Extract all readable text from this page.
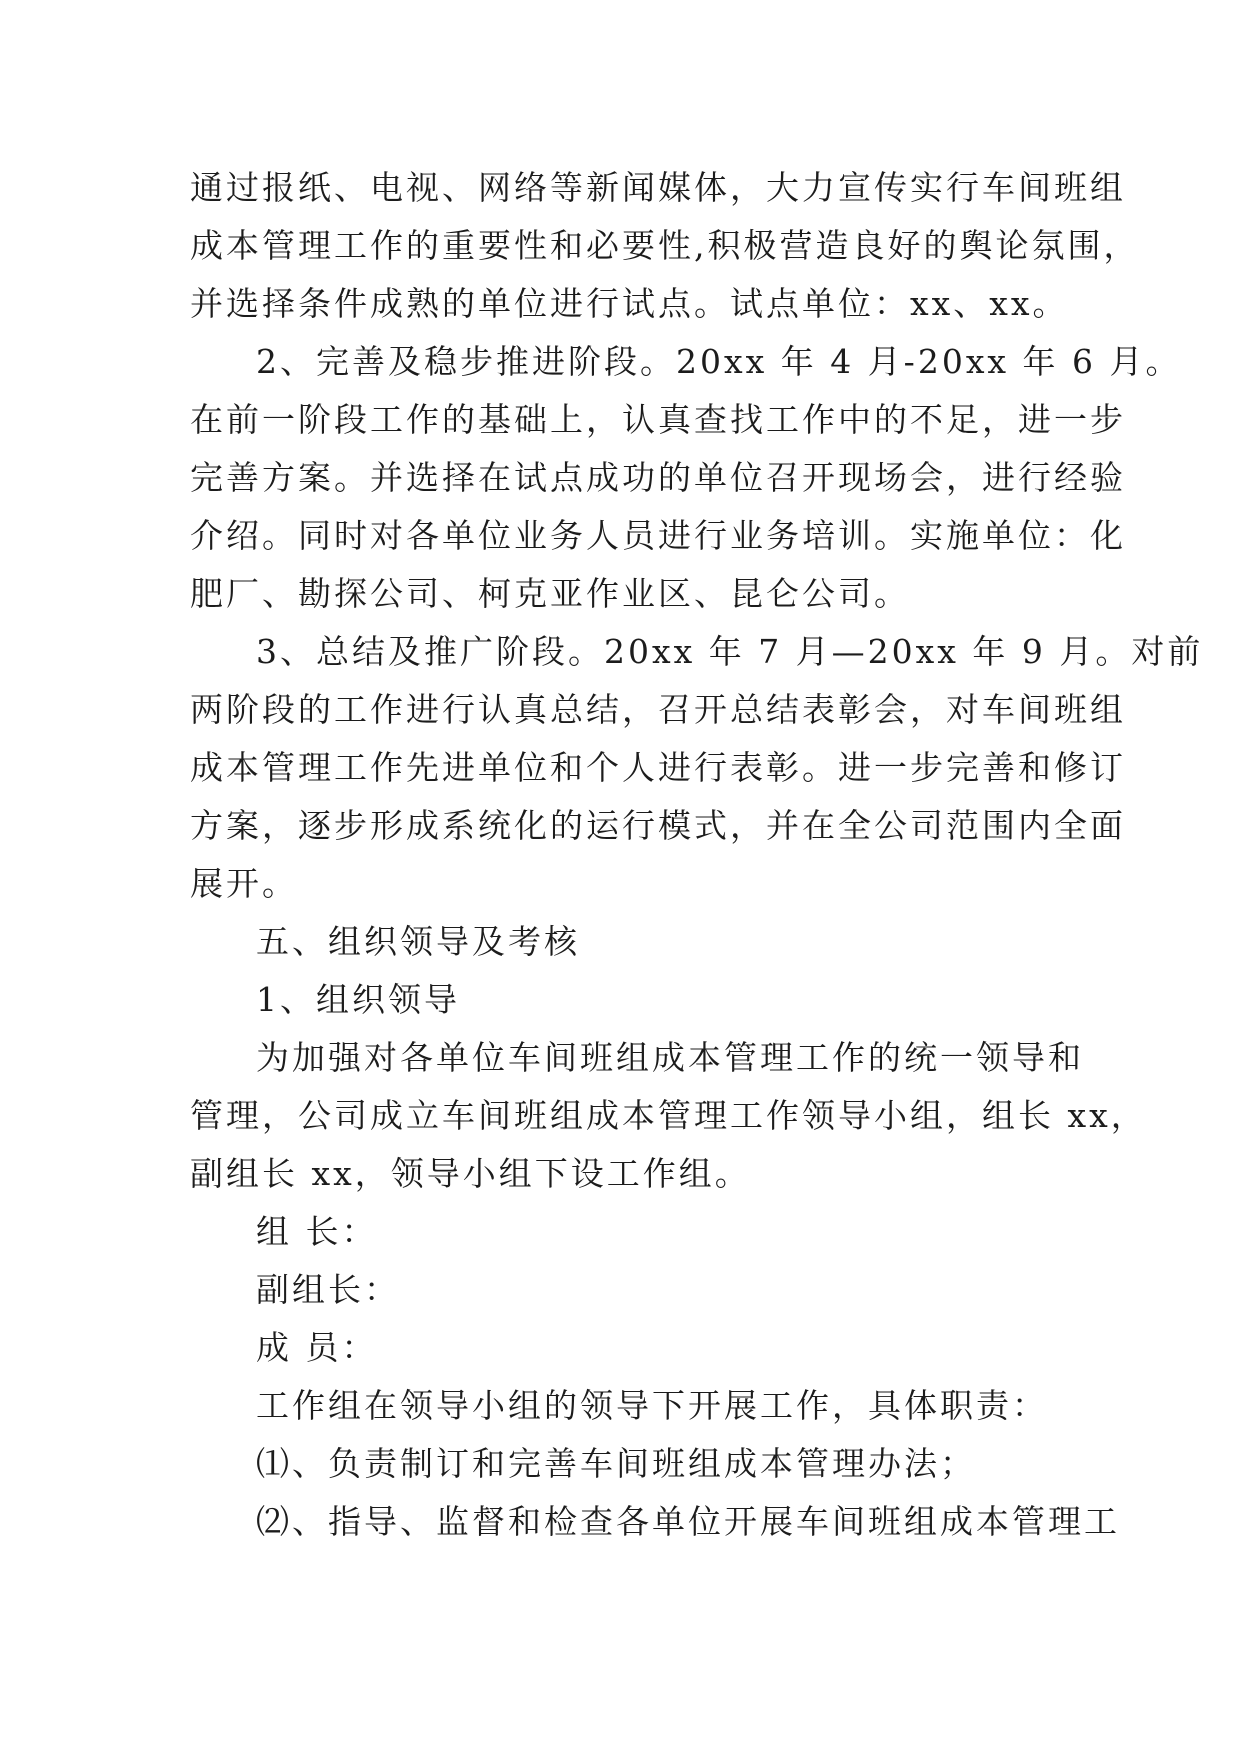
通过报纸、电视、网络等新闻媒体，大力宣传实行车间班组
成本管理工作的重要性和必要性,积极营造良好的舆论氛围，
并选择条件成熟的单位进行试点。试点单位：xx、xx。
2、完善及稳步推进阶段。20xx 年 4 月-20xx 年 6 月。
在前一阶段工作的基础上，认真查找工作中的不足，进一步
完善方案。并选择在试点成功的单位召开现场会，进行经验
介绍。同时对各单位业务人员进行业务培训。实施单位：化
肥厂、勘探公司、柯克亚作业区、昆仑公司。
3、总结及推广阶段。20xx 年 7 月—20xx 年 9 月。对前
两阶段的工作进行认真总结，召开总结表彰会，对车间班组
成本管理工作先进单位和个人进行表彰。进一步完善和修订
方案，逐步形成系统化的运行模式，并在全公司范围内全面
展开。
五、组织领导及考核
1、组织领导
为加强对各单位车间班组成本管理工作的统一领导和
管理，公司成立车间班组成本管理工作领导小组，组长 xx，
副组长 xx，领导小组下设工作组。
组 长：
副组长：
成 员：
工作组在领导小组的领导下开展工作，具体职责：
⑴、负责制订和完善车间班组成本管理办法；
⑵、指导、监督和检查各单位开展车间班组成本管理工
